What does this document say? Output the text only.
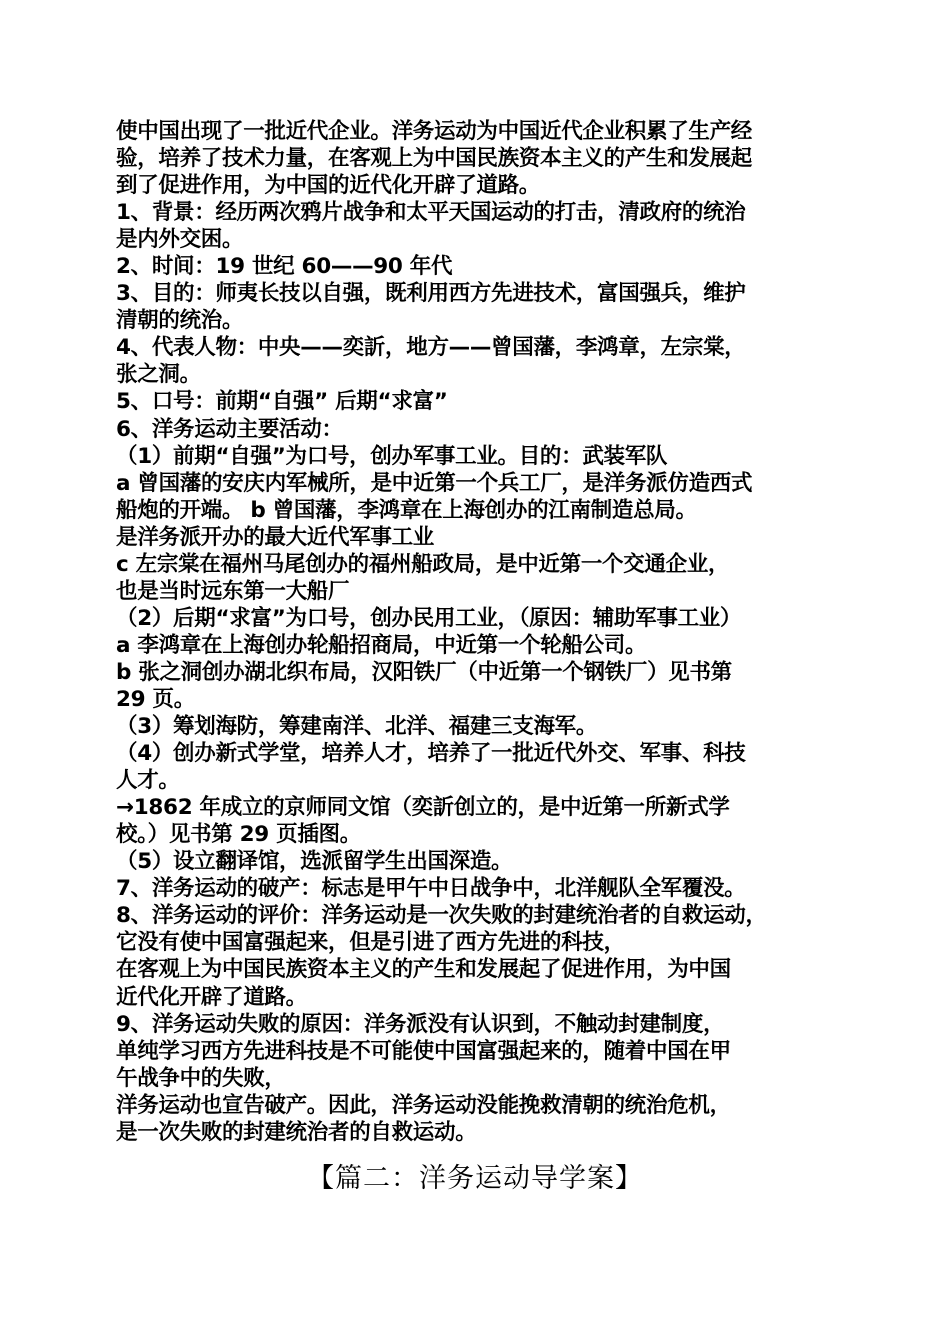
使中国出现了一批近代企业。洋务运动为中国近代企业积累了生产经
验，培养了技术力量，在客观上为中国民族资本主义的产生和发展起
到了促进作用，为中国的近代化开辟了道路。
1、背景：经历两次鸦片战争和太平天国运动的打击，清政府的统治
是内外交困。
2、时间：19 世纪 60——90 年代
3、目的：师夷长技以自强，既利用西方先进技术，富国强兵，维护
清朝的统治。
4、代表人物：中央——奕訢，地方——曾国藩，李鸿章，左宗棠，
张之洞。
5、口号：前期“自强” 后期“求富”
6、洋务运动主要活动：
（1）前期“自强”为口号，创办军事工业。目的：武装军队
a 曾国藩的安庆内军械所，是中近第一个兵工厂，是洋务派仿造西式
船炮的开端。 b 曾国藩，李鸿章在上海创办的江南制造总局。
是洋务派开办的最大近代军事工业
c 左宗棠在福州马尾创办的福州船政局，是中近第一个交通企业，
也是当时远东第一大船厂
（2）后期“求富”为口号，创办民用工业，（原因：辅助军事工业）
a 李鸿章在上海创办轮船招商局，中近第一个轮船公司。
b 张之洞创办湖北织布局，汉阳铁厂（中近第一个钢铁厂）见书第
29 页。
（3）筹划海防，筹建南洋、北洋、福建三支海军。
（4）创办新式学堂，培养人才，培养了一批近代外交、军事、科技
人才。
→1862 年成立的京师同文馆（奕訢创立的，是中近第一所新式学
校。）见书第 29 页插图。
（5）设立翻译馆，选派留学生出国深造。
7、洋务运动的破产：标志是甲午中日战争中，北洋舰队全军覆没。
8、洋务运动的评价：洋务运动是一次失败的封建统治者的自救运动，
它没有使中国富强起来，但是引进了西方先进的科技，
在客观上为中国民族资本主义的产生和发展起了促进作用，为中国
近代化开辟了道路。
9、洋务运动失败的原因：洋务派没有认识到，不触动封建制度，
单纯学习西方先进科技是不可能使中国富强起来的，随着中国在甲
午战争中的失败，
洋务运动也宣告破产。因此，洋务运动没能挽救清朝的统治危机，
是一次失败的封建统治者的自救运动。
【篇二：洋务运动导学案】
